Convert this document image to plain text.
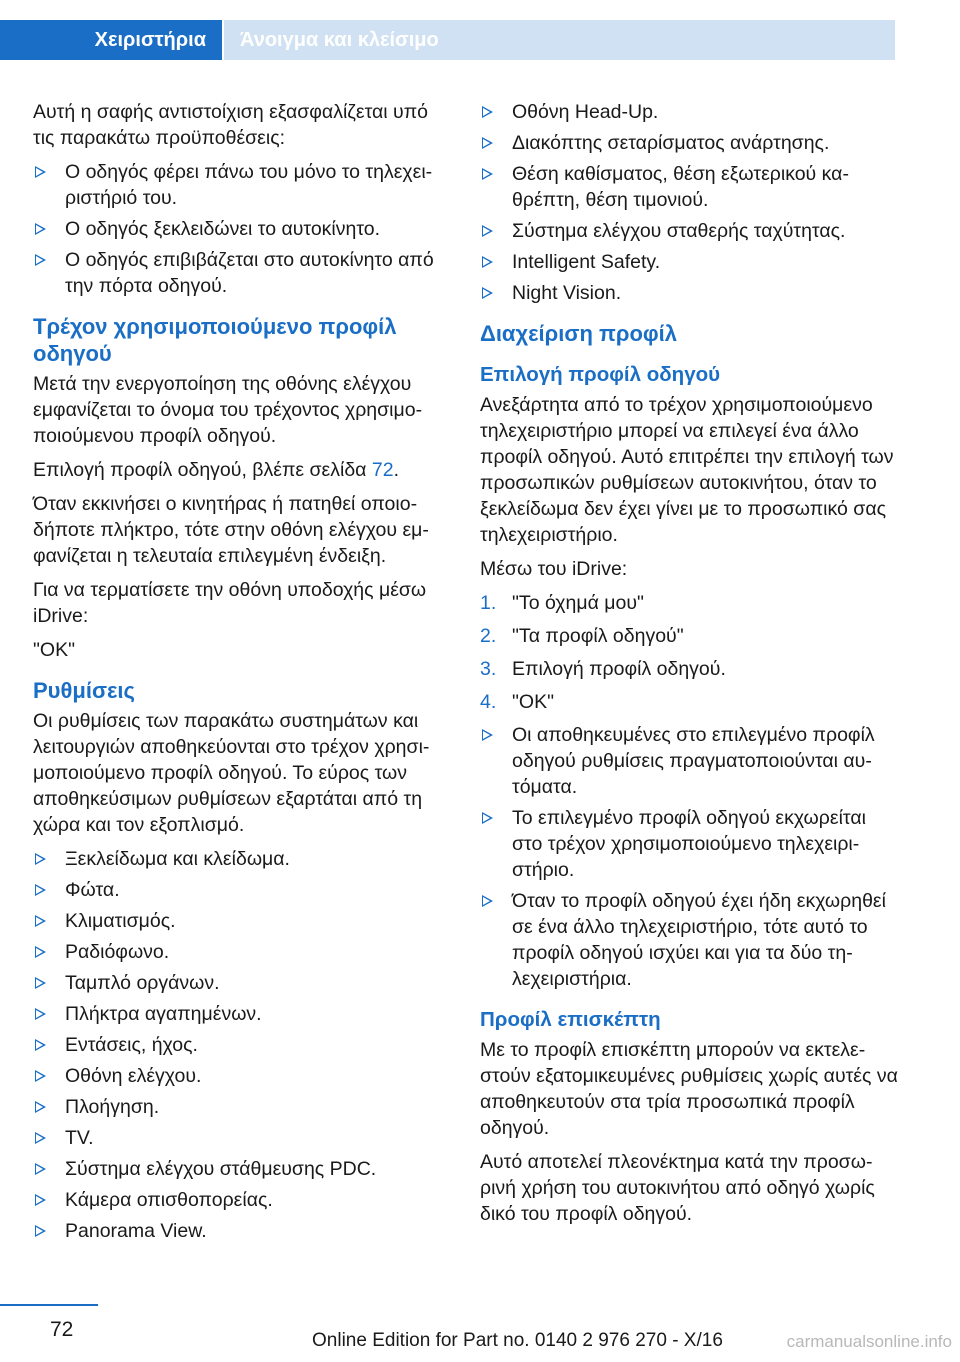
Χειριστήρια	Άνοιγμα και κλείσιμο

Αυτή η σαφής αντιστοίχιση εξασφαλίζεται υπό τις παρακάτω προϋποθέσεις:

Ο οδηγός φέρει πάνω του μόνο το τηλεχειριστήριό του.
Ο οδηγός ξεκλειδώνει το αυτοκίνητο.
Ο οδηγός επιβιβάζεται στο αυτοκίνητο από την πόρτα οδηγού.
Τρέχον χρησιμοποιούμενο προφίλ οδηγού

Μετά την ενεργοποίηση της οθόνης ελέγχου εμφανίζεται το όνομα του τρέχοντος χρησιμοποιούμενου προφίλ οδηγού.

Επιλογή προφίλ οδηγού, βλέπε σελίδα 72.

Όταν εκκινήσει ο κινητήρας ή πατηθεί οποιοδήποτε πλήκτρο, τότε στην οθόνη ελέγχου εμφανίζεται η τελευταία επιλεγμένη ένδειξη.

Για να τερματίσετε την οθόνη υποδοχής μέσω iDrive:

"OK"

Ρυθμίσεις

Οι ρυθμίσεις των παρακάτω συστημάτων και λειτουργιών αποθηκεύονται στο τρέχον χρησιμοποιούμενο προφίλ οδηγού. Το εύρος των αποθηκεύσιμων ρυθμίσεων εξαρτάται από τη χώρα και τον εξοπλισμό.

Ξεκλείδωμα και κλείδωμα.
Φώτα.
Κλιματισμός.
Ραδιόφωνο.
Ταμπλό οργάνων.
Πλήκτρα αγαπημένων.
Εντάσεις, ήχος.
Οθόνη ελέγχου.
Πλοήγηση.
TV.
Σύστημα ελέγχου στάθμευσης PDC.
Κάμερα οπισθοπορείας.
Panorama View.
Οθόνη Head-Up.
Διακόπτης σεταρίσματος ανάρτησης.
Θέση καθίσματος, θέση εξωτερικού καθρέπτη, θέση τιμονιού.
Σύστημα ελέγχου σταθερής ταχύτητας.
Intelligent Safety.
Night Vision.
Διαχείριση προφίλ
Επιλογή προφίλ οδηγού

Ανεξάρτητα από το τρέχον χρησιμοποιούμενο τηλεχειριστήριο μπορεί να επιλεγεί ένα άλλο προφίλ οδηγού. Αυτό επιτρέπει την επιλογή των προσωπικών ρυθμίσεων αυτοκινήτου, όταν το ξεκλείδωμα δεν έχει γίνει με το προσωπικό σας τηλεχειριστήριο.

Μέσω του iDrive:

1. "Το όχημά μου"
2. "Τα προφίλ οδηγού"
3. Επιλογή προφίλ οδηγού.
4. "OK"
Οι αποθηκευμένες στο επιλεγμένο προφίλ οδηγού ρυθμίσεις πραγματοποιούνται αυτόματα.
Το επιλεγμένο προφίλ οδηγού εκχωρείται στο τρέχον χρησιμοποιούμενο τηλεχειριστήριο.
Όταν το προφίλ οδηγού έχει ήδη εκχωρηθεί σε ένα άλλο τηλεχειριστήριο, τότε αυτό το προφίλ οδηγού ισχύει και για τα δύο τηλεχειριστήρια.
Προφίλ επισκέπτη

Με το προφίλ επισκέπτη μπορούν να εκτελεστούν εξατομικευμένες ρυθμίσεις χωρίς αυτές να αποθηκευτούν στα τρία προσωπικά προφίλ οδηγού.

Αυτό αποτελεί πλεονέκτημα κατά την προσωρινή χρήση του αυτοκινήτου από οδηγό χωρίς δικό του προφίλ οδηγού.

72	Online Edition for Part no. 0140 2 976 270 - X/16	carmanualsonline.info
